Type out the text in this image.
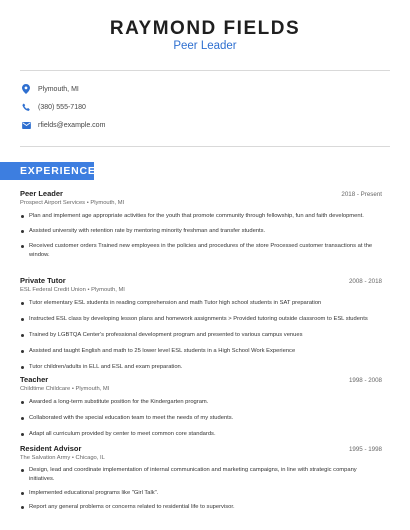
RAYMOND FIELDS
Peer Leader
Plymouth, MI
(380) 555-7180
rfields@example.com
EXPERIENCE
Peer Leader	2018 - Present
Prospect Airport Services • Plymouth, MI
Plan and implement age appropriate activities for the youth that promote community through fellowship, fun and faith development.
Assisted university with retention rate by mentoring minority freshman and transfer students.
Received customer orders Trained new employees in the policies and procedures of the store Processed customer transactions at the window.
Private Tutor	2008 - 2018
ESL Federal Credit Union • Plymouth, MI
Tutor elementary ESL students in reading comprehension and math Tutor high school students in SAT preparation
Instructed ESL class by developing lesson plans and homework assignments > Provided tutoring outside classroom to ESL students
Trained by LGBTQA Center's professional development program and presented to various campus venues
Assisted and taught English and math to 25 lower level ESL students in a High School Work Experience
Tutor children/adults in ELL and ESL and exam preparation.
Teacher	1998 - 2008
Childtime Childcare • Plymouth, MI
Awarded a long-term substitute position for the Kindergarten program.
Collaborated with the special education team to meet the needs of my students.
Adapt all curriculum provided by center to meet common core standards.
Resident Advisor	1995 - 1998
The Salvation Army • Chicago, IL
Design, lead and coordinate implementation of internal communication and marketing campaigns, in line with strategic company initiatives.
Implemented educational programs like "Girl Talk".
Report any general problems or concerns related to residential life to supervisor.
